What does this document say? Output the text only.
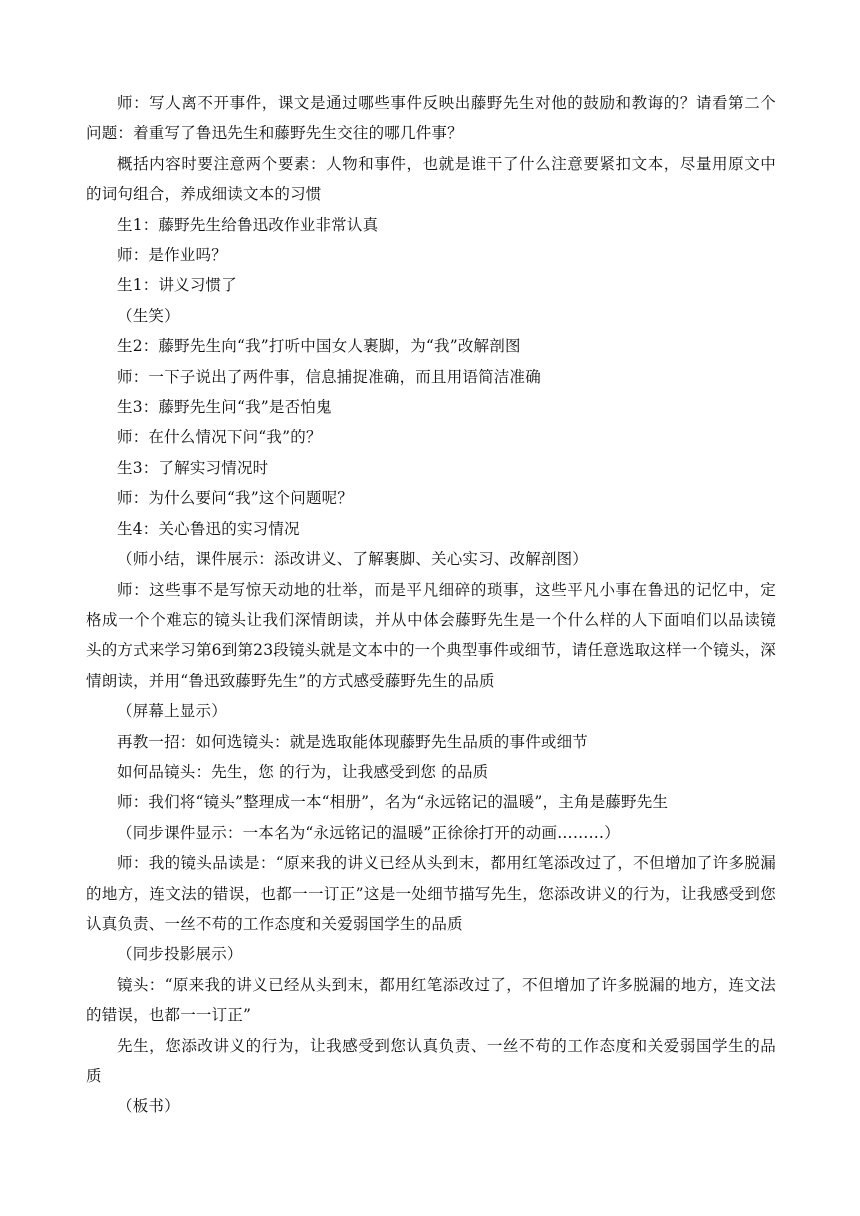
师：写人离不开事件，课文是通过哪些事件反映出藤野先生对他的鼓励和教诲的？请看第二个问题：着重写了鲁迅先生和藤野先生交往的哪几件事？

概括内容时要注意两个要素：人物和事件，也就是谁干了什么注意要紧扣文本，尽量用原文中的词句组合，养成细读文本的习惯

生1：藤野先生给鲁迅改作业非常认真

师：是作业吗？

生1：讲义习惯了

（生笑）

生2：藤野先生向“我”打听中国女人裹脚，为“我”改解剖图

师：一下子说出了两件事，信息捕捉准确，而且用语简洁准确

生3：藤野先生问“我”是否怕鬼

师：在什么情况下问“我”的？

生3：了解实习情况时

师：为什么要问“我”这个问题呢？

生4：关心鲁迅的实习情况

（师小结，课件展示：添改讲义、了解裹脚、关心实习、改解剖图）

师：这些事不是写惊天动地的壮举，而是平凡细碎的琐事，这些平凡小事在鲁迅的记忆中，定格成一个个难忘的镜头让我们深情朗读，并从中体会藤野先生是一个什么样的人下面咱们以品读镜头的方式来学习第6到第23段镜头就是文本中的一个典型事件或细节，请任意选取这样一个镜头，深情朗读，并用“鲁迅致藤野先生”的方式感受藤野先生的品质

（屏幕上显示）

再教一招：如何选镜头：就是选取能体现藤野先生品质的事件或细节

如何品镜头：先生，您 的行为，让我感受到您 的品质

师：我们将“镜头”整理成一本“相册”，名为“永远铭记的温暖”，主角是藤野先生

（同步课件显示：一本名为“永远铭记的温暖”正徐徐打开的动画………）

师：我的镜头品读是：“原来我的讲义已经从头到末，都用红笔添改过了，不但增加了许多脱漏的地方，连文法的错误，也都一一订正”这是一处细节描写先生，您添改讲义的行为，让我感受到您认真负责、一丝不苟的工作态度和关爱弱国学生的品质

（同步投影展示）

镜头：“原来我的讲义已经从头到末，都用红笔添改过了，不但增加了许多脱漏的地方，连文法的错误，也都一一订正”

先生，您添改讲义的行为，让我感受到您认真负责、一丝不苟的工作态度和关爱弱国学生的品质

（板书）
